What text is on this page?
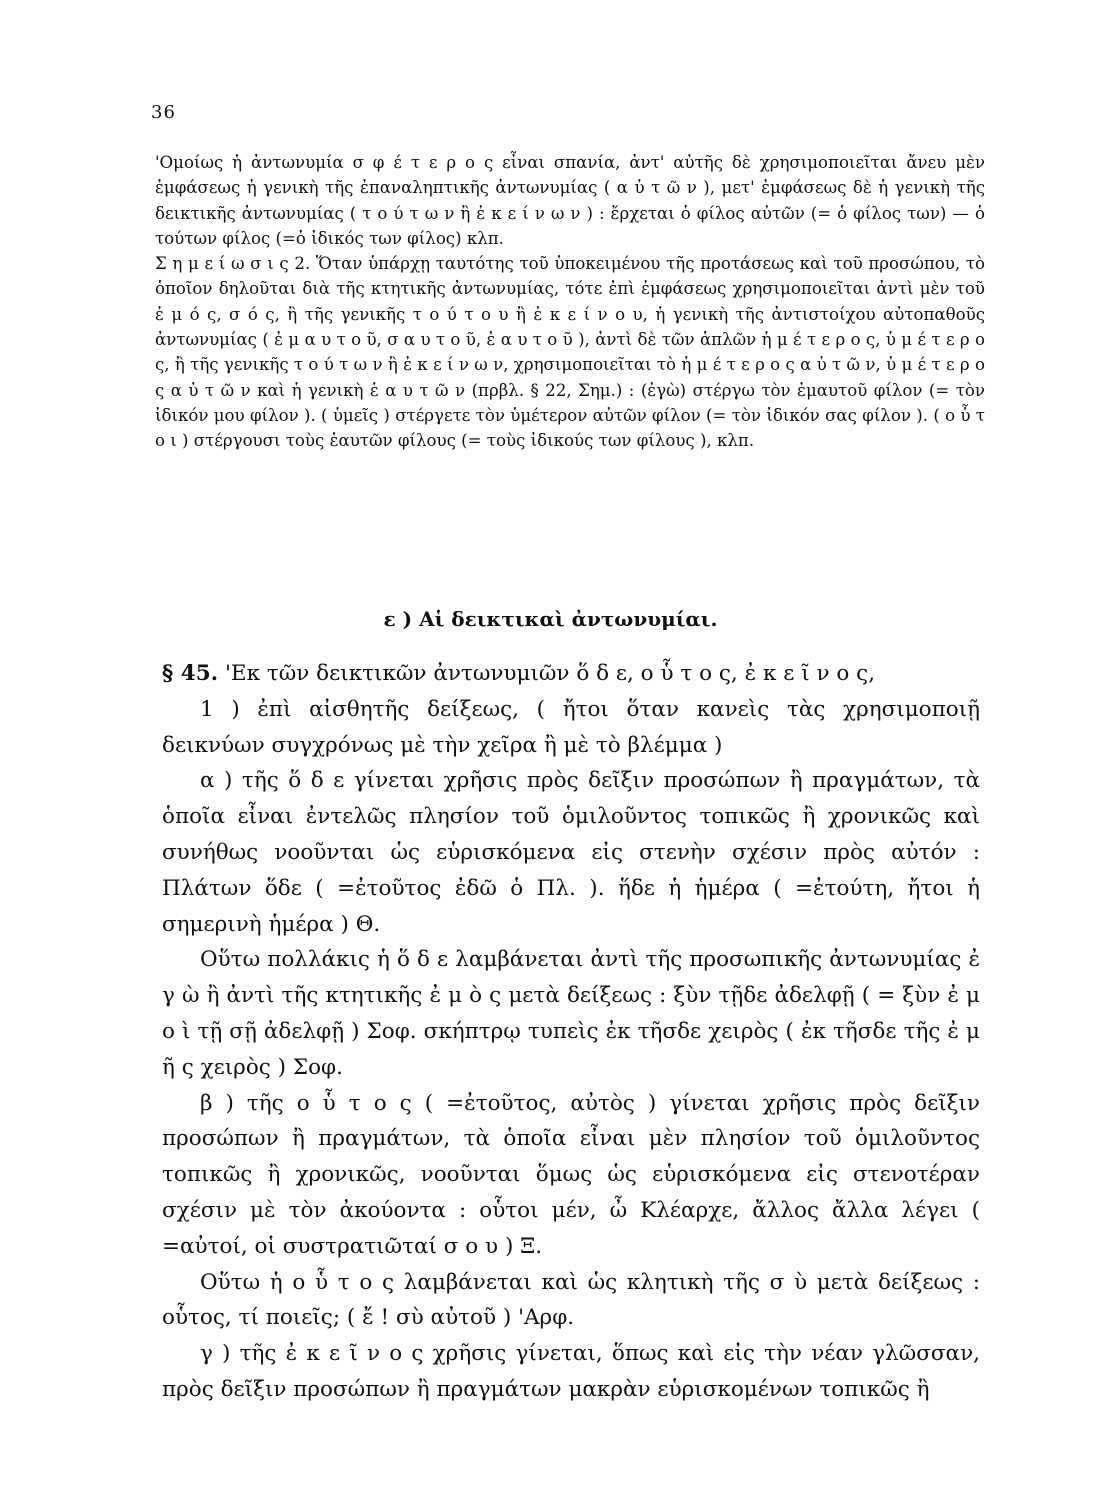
36

'Ομοίως ἡ ἀντωνυμία σ φ έ τ ε ρ ο ς εἶναι σπανία, ἀντ' αὐτῆς δὲ χρησιμοποιεῖται ἄνευ μὲν ἐμφάσεως ἡ γενικὴ τῆς ἐπαναληπτικῆς ἀντωνυμίας ( α ὐ τ ῶ ν ), μετ' ἐμφάσεως δὲ ἡ γενικὴ τῆς δεικτικῆς ἀντωνυμίας ( τ ο ύ τ ω ν ἢ ἐ κ ε ί ν ω ν ) : ἔρχεται ὁ φίλος αὐτῶν (= ὁ φίλος των) — ὁ τούτων φίλος (=ὁ ἰδικός των φίλος) κλπ.

Σ η μ ε ί ω σ ι ς 2. Ὅταν ὑπάρχῃ ταυτότης τοῦ ὑποκειμένου τῆς προτάσεως καὶ τοῦ προσώπου, τὸ ὁποῖον δηλοῦται διὰ τῆς κτητικῆς ἀντωνυμίας, τότε ἐπὶ ἐμφάσεως χρησιμοποιεῖται ἀντὶ μὲν τοῦ ἐ μ ό ς, σ ό ς, ἢ τῆς γενικῆς τ ο ύ τ ο υ ἢ ἐ κ ε ί ν ο υ, ἡ γενικὴ τῆς ἀντιστοίχου αὐτοπαθοῦς ἀντωνυμίας ( ἐ μ α υ τ ο ῦ, σ α υ τ ο ῦ, ἑ α υ τ ο ῦ ), ἀντὶ δὲ τῶν ἁπλῶν ἡ μ έ τ ε ρ ο ς, ὑ μ έ τ ε ρ ο ς, ἢ τῆς γενικῆς τ ο ύ τ ω ν ἢ ἐ κ ε ί ν ω ν, χρησιμοποιεῖται τὸ ἡ μ έ τ ε ρ ο ς α ὐ τ ῶ ν, ὑ μ έ τ ε ρ ο ς α ὐ τ ῶ ν καὶ ἡ γενικὴ ἑ α υ τ ῶ ν (πρβλ. § 22, Σημ.) : (ἐγὼ) στέργω τὸν ἐμαυτοῦ φίλον (= τὸν ἰδικόν μου φίλον ). ( ὑμεῖς ) στέργετε τὸν ὑμέτερον αὐτῶν φίλον (= τὸν ἰδικόν σας φίλον ). ( ο ὗ τ ο ι ) στέργουσι τοὺς ἑαυτῶν φίλους (= τοὺς ἰδικούς των φίλους ), κλπ.

ε ) Αἱ δεικτικαὶ ἀντωνυμίαι.

§ 45. 'Εκ τῶν δεικτικῶν ἀντωνυμιῶν ὅ δ ε, ο ὗ τ ο ς, ἐ κ ε ῖ ν ο ς,

1 ) ἐπὶ αἰσθητῆς δείξεως, ( ἤτοι ὅταν κανεὶς τὰς χρησιμοποιῇ δεικνύων συγχρόνως μὲ τὴν χεῖρα ἢ μὲ τὸ βλέμμα )

α ) τῆς ὅ δ ε γίνεται χρῆσις πρὸς δεῖξιν προσώπων ἢ πραγμάτων, τὰ ὁποῖα εἶναι ἐντελῶς πλησίον τοῦ ὁμιλοῦντος τοπικῶς ἢ χρονικῶς καὶ συνήθως νοοῦνται ὡς εὑρισκόμενα εἰς στενὴν σχέσιν πρὸς αὐτόν : Πλάτων ὅδε ( =ἐτοῦτος ἐδῶ ὁ Πλ. ). ἥδε ἡ ἡμέρα ( =ἐτούτη, ἤτοι ἡ σημερινὴ ἡμέρα ) Θ.

Οὕτω πολλάκις ἡ ὅ δ ε λαμβάνεται ἀντὶ τῆς προσωπικῆς ἀντωνυμίας ἐ γ ὼ ἢ ἀντὶ τῆς κτητικῆς ἐ μ ὸ ς μετὰ δείξεως : ξὺν τῇδε ἀδελφῇ ( = ξὺν ἐ μ ο ὶ τῇ σῇ ἀδελφῇ ) Σοφ. σκήπτρῳ τυπεὶς ἐκ τῆσδε χειρὸς ( ἐκ τῆσδε τῆς ἐ μ ῆ ς χειρὸς ) Σοφ.

β ) τῆς ο ὗ τ ο ς ( =ἐτοῦτος, αὐτὸς ) γίνεται χρῆσις πρὸς δεῖξιν προσώπων ἢ πραγμάτων, τὰ ὁποῖα εἶναι μὲν πλησίον τοῦ ὁμιλοῦντος τοπικῶς ἢ χρονικῶς, νοοῦνται ὅμως ὡς εὑρισκόμενα εἰς στενοτέραν σχέσιν μὲ τὸν ἀκούοντα : οὗτοι μέν, ὦ Κλέαρχε, ἄλλος ἄλλα λέγει ( =αὐτοί, οἱ συστρατιῶταί σ ο υ ) Ξ.

Οὕτω ἡ ο ὗ τ ο ς λαμβάνεται καὶ ὡς κλητικὴ τῆς σ ὺ μετὰ δείξεως : οὗτος, τί ποιεῖς; ( ἔ ! σὺ αὐτοῦ ) 'Αρφ.

γ ) τῆς ἐ κ ε ῖ ν ο ς χρῆσις γίνεται, ὅπως καὶ εἰς τὴν νέαν γλῶσσαν, πρὸς δεῖξιν προσώπων ἢ πραγμάτων μακρὰν εὑρισκομένων τοπικῶς ἢ
